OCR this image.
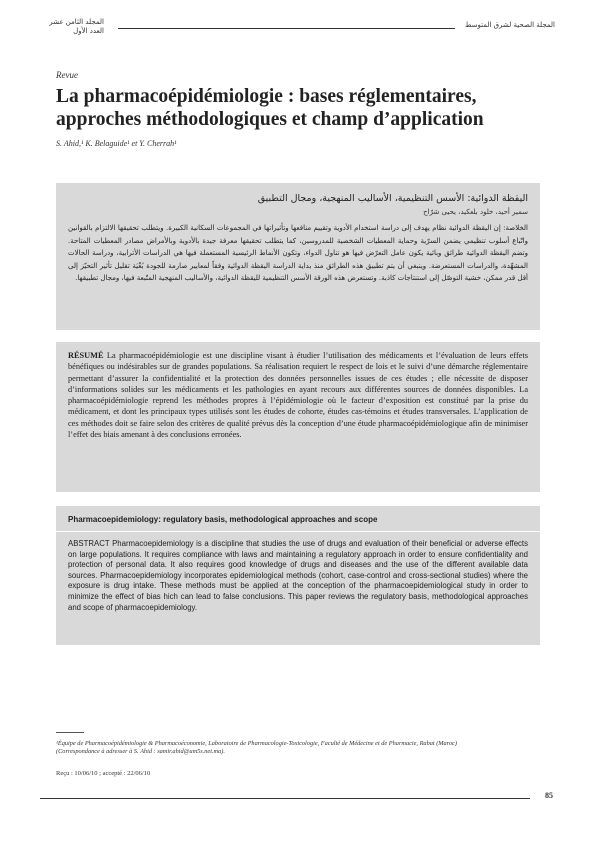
المجلد الثامن عشر
العدد الأول
المجلة الصحية لشرق المتوسط
Revue
La pharmacoépidémiologie : bases réglementaires,
approches méthodologiques et champ d’application
S. Ahid,¹ K. Belaguide¹ et Y. Cherrah¹
اليقظة الدوائية: الأسس التنظيمية، الأساليب المنهجية، ومجال التطبيق
سمير أحيد، خلود بلعكيد، يحيى شرّاح
الخلاصة: إن اليقظة الدوائية نظام يهدف إلى دراسة استخدام الأدوية وتقييم منافعها وتأثيراتها في المجموعات السكانية الكبيرة. ويتطلب تحقيقها الالتزام بالقوانين واتّباع أسلوب تنظيمي يضمن السرّية وحماية المعطيات الشخصية للمدروسين، كما يتطلب تحقيقها معرفة جيدة بالأدوية وبالأمراض مصادر المعطيات المتاحة. وتضم اليقظة الدوائية طرائق وبائية يكون عامل التعرّض فيها هو تناول الدواء، وتكون الأنماط الرئيسية المستعملة فيها هي الدراسات الأترابية، ودراسة الحالات المشهِّدة، والدراسات المستعرضة. وينبغي أن يتم تطبيق هذه الطرائق منذ بداية الدراسة اليقظة الدوائية وفقاً لمعايير صارمة للجودة بُغْيَة تقليل تأثير التحيّز إلى أقل قدر ممكن، خشية التوصّل إلى استنتاجات كاذبة. وتستعرض هذه الورقة الأسس التنظيمية لليقظة الدوائية، والأساليب المنهجية المتّبعة فيها، ومجال تطبيقها.
RÉSUMÉ La pharmacoépidémiologie est une discipline visant à étudier l’utilisation des médicaments et l’évaluation de leurs effets bénéfiques ou indésirables sur de grandes populations. Sa réalisation requiert le respect de lois et le suivi d’une démarche réglementaire permettant d’assurer la confidentialité et la protection des données personnelles issues de ces études ; elle nécessite de disposer d’informations solides sur les médicaments et les pathologies en ayant recours aux différentes sources de données disponibles. La pharmacoépidémiologie reprend les méthodes propres à l’épidémiologie où le facteur d’exposition est constitué par la prise du médicament, et dont les principaux types utilisés sont les études de cohorte, études cas-témoins et études transversales. L’application de ces méthodes doit se faire selon des critères de qualité prévus dès la conception d’une étude pharmacoépidémiologique afin de minimiser l’effet des biais amenant à des conclusions erronées.
Pharmacoepidemiology: regulatory basis, methodological approaches and scope
ABSTRACT Pharmacoepidemiology is a discipline that studies the use of drugs and evaluation of their beneficial or adverse effects on large populations. It requires compliance with laws and maintaining a regulatory approach in order to ensure confidentiality and protection of personal data. It also requires good knowledge of drugs and diseases and the use of the different available data sources. Pharmacoepidemiology incorporates epidemiological methods (cohort, case-control and cross-sectional studies) where the exposure is drug intake. These methods must be applied at the conception of the pharmacoepidemiological study in order to minimize the effect of bias hich can lead to false conclusions. This paper reviews the regulatory basis, methodological approaches and scope of pharmacoepidemiology.
¹Équipe de Pharmacoépidémiologie & Pharmacoéconomie, Laboratoire de Pharmacologie-Toxicologie, Faculté de Médecine et de Pharmacie, Rabat (Maroc) (Correspondance à adresser à S. Ahid : samir.ahid@um5s.net.ma).
Reçu : 10/06/10 ; accepté : 22/06/10
85
